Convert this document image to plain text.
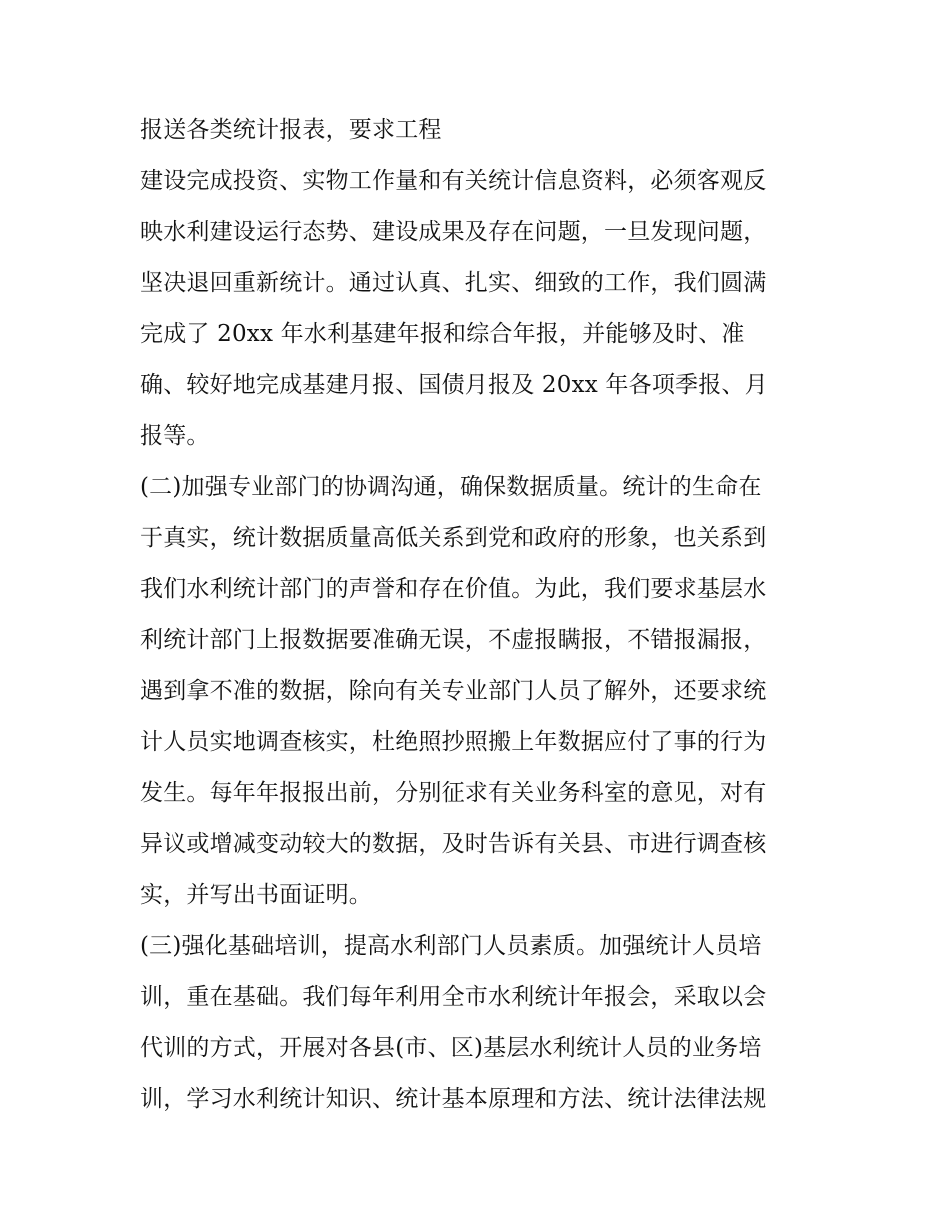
报送各类统计报表，要求工程
建设完成投资、实物工作量和有关统计信息资料，必须客观反
映水利建设运行态势、建设成果及存在问题，一旦发现问题，
坚决退回重新统计。通过认真、扎实、细致的工作，我们圆满
完成了 20xx 年水利基建年报和综合年报，并能够及时、准
确、较好地完成基建月报、国债月报及 20xx 年各项季报、月
报等。
(二)加强专业部门的协调沟通，确保数据质量。统计的生命在
于真实，统计数据质量高低关系到党和政府的形象，也关系到
我们水利统计部门的声誉和存在价值。为此，我们要求基层水
利统计部门上报数据要准确无误，不虚报瞒报，不错报漏报，
遇到拿不准的数据，除向有关专业部门人员了解外，还要求统
计人员实地调查核实，杜绝照抄照搬上年数据应付了事的行为
发生。每年年报报出前，分别征求有关业务科室的意见，对有
异议或增减变动较大的数据，及时告诉有关县、市进行调查核
实，并写出书面证明。
(三)强化基础培训，提高水利部门人员素质。加强统计人员培
训，重在基础。我们每年利用全市水利统计年报会，采取以会
代训的方式，开展对各县(市、区)基层水利统计人员的业务培
训，学习水利统计知识、统计基本原理和方法、统计法律法规
